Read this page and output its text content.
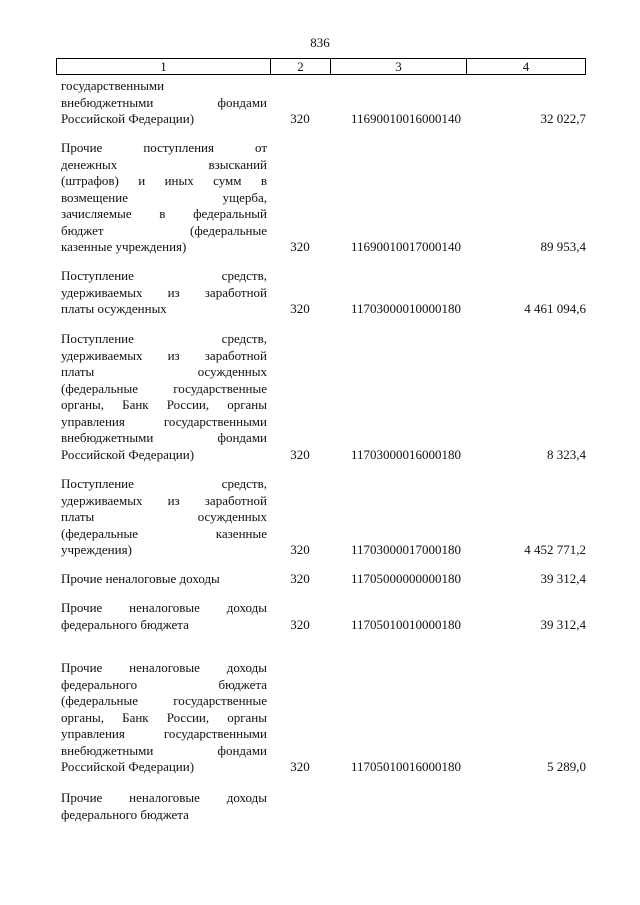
836
1	2	3	4
государственными
внебюджетными фондами
Российской Федерации)	320	11690010016000140	32 022,7
Прочие поступления от
денежных взысканий
(штрафов) и иных сумм в
возмещение ущерба,
зачисляемые в федеральный
бюджет (федеральные
казенные учреждения)	320	11690010017000140	89 953,4
Поступление средств,
удерживаемых из заработной
платы осужденных	320	11703000010000180	4 461 094,6
Поступление средств,
удерживаемых из заработной
платы осужденных
(федеральные государственные
органы, Банк России, органы
управления государственными
внебюджетными фондами
Российской Федерации)	320	11703000016000180	8 323,4
Поступление средств,
удерживаемых из заработной
платы осужденных
(федеральные казенные
учреждения)	320	11703000017000180	4 452 771,2
Прочие неналоговые доходы	320	11705000000000180	39 312,4
Прочие неналоговые доходы
федерального бюджета	320	11705010010000180	39 312,4
Прочие неналоговые доходы
федерального бюджета
(федеральные государственные
органы, Банк России, органы
управления государственными
внебюджетными фондами
Российской Федерации)	320	11705010016000180	5 289,0
Прочие неналоговые доходы
федерального бюджета
